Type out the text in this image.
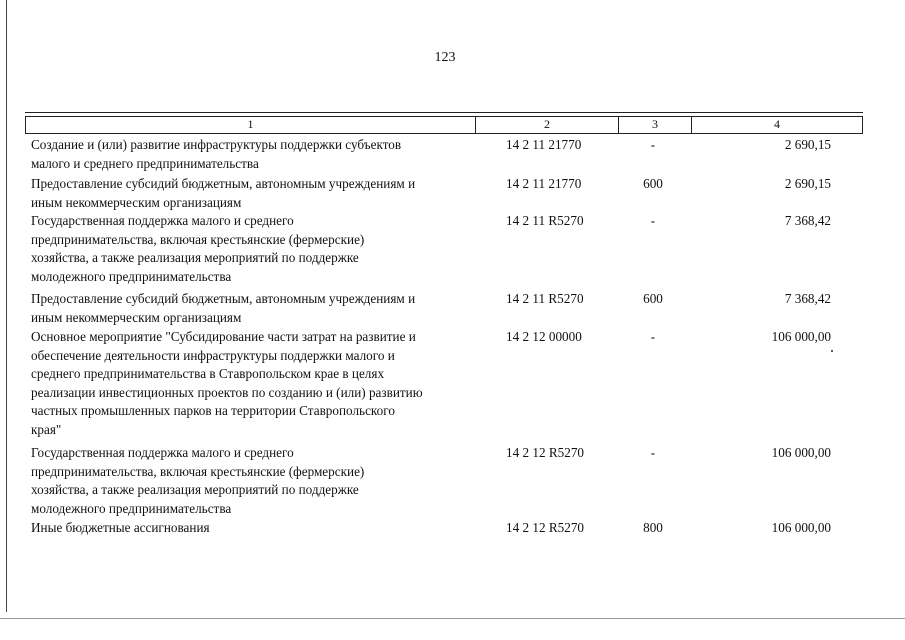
123
1	2	3	4
Создание и (или) развитие инфраструктуры поддержки субъектов
малого и среднего предпринимательства
14 2 11 21770	-	2 690,15
Предоставление субсидий бюджетным, автономным учреждениям и
иным некоммерческим организациям
14 2 11 21770	600	2 690,15
Государственная поддержка малого и среднего
предпринимательства, включая крестьянские (фермерские)
хозяйства, а также реализация мероприятий по поддержке
молодежного предпринимательства
14 2 11 R5270	-	7 368,42
Предоставление субсидий бюджетным, автономным учреждениям и
иным некоммерческим организациям
14 2 11 R5270	600	7 368,42
Основное мероприятие "Субсидирование части затрат на развитие и
обеспечение деятельности инфраструктуры поддержки малого и
среднего предпринимательства в Ставропольском крае в целях
реализации инвестиционных проектов по созданию и (или) развитию
частных промышленных парков на территории Ставропольского
края"
14 2 12 00000	-	106 000,00
Государственная поддержка малого и среднего
предпринимательства, включая крестьянские (фермерские)
хозяйства, а также реализация мероприятий по поддержке
молодежного предпринимательства
14 2 12 R5270	-	106 000,00
Иные бюджетные ассигнования	14 2 12 R5270	800	106 000,00
